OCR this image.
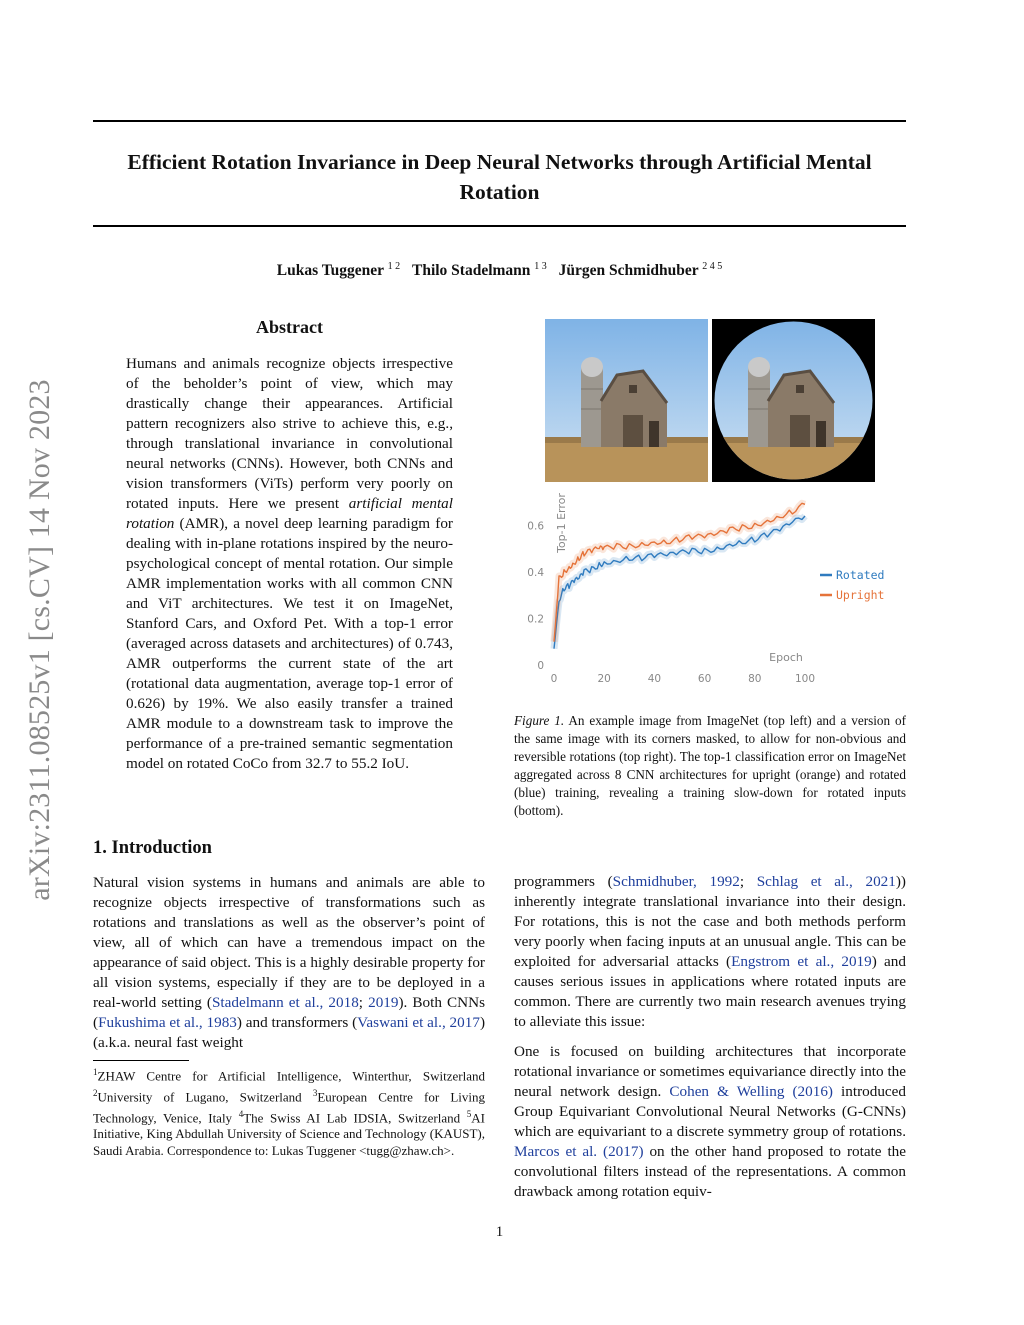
arXiv:2311.08525v1 [cs.CV] 14 Nov 2023
Efficient Rotation Invariance in Deep Neural Networks through Artificial Mental Rotation
Lukas Tuggener $^{1 2}$ Thilo Stadelmann $^{1 3}$ Jürgen Schmidhuber $^{2 4 5}$
Abstract
Humans and animals recognize objects irrespective of the beholder’s point of view, which may drastically change their appearances. Artificial pattern recognizers also strive to achieve this, e.g., through translational invariance in convolutional neural networks (CNNs). However, both CNNs and vision transformers (ViTs) perform very poorly on rotated inputs. Here we present artificial mental rotation (AMR), a novel deep learning paradigm for dealing with in-plane rotations inspired by the neuro-psychological concept of mental rotation. Our simple AMR implementation works with all common CNN and ViT architectures. We test it on ImageNet, Stanford Cars, and Oxford Pet. With a top-1 error (averaged across datasets and architectures) of 0.743, AMR outperforms the current state of the art (rotational data augmentation, average top-1 error of 0.626) by 19%. We also easily transfer a trained AMR module to a downstream task to improve the performance of a pre-trained semantic segmentation model on rotated CoCo from 32.7 to 55.2 IoU.
0
0.2
0.4
0.6
0	20	40	60	80	100
Top-1 Error
Epoch
Rotated
Upright
Figure 1. An example image from ImageNet (top left) and a version of the same image with its corners masked, to allow for non-obvious and reversible rotations (top right). The top-1 classification error on ImageNet aggregated across 8 CNN architectures for upright (orange) and rotated (blue) training, revealing a training slow-down for rotated inputs (bottom).
1. Introduction
Natural vision systems in humans and animals are able to recognize objects irrespective of transformations such as rotations and translations as well as the observer’s point of view, all of which can have a tremendous impact on the appearance of said object. This is a highly desirable property for all vision systems, especially if they are to be deployed in a real-world setting (Stadelmann et al., 2018; 2019). Both CNNs (Fukushima et al., 1983) and transformers (Vaswani et al., 2017) (a.k.a. neural fast weight
$^1$ZHAW Centre for Artificial Intelligence, Winterthur, Switzerland $^2$University of Lugano, Switzerland $^3$European Centre for Living Technology, Venice, Italy $^4$The Swiss AI Lab IDSIA, Switzerland $^5$AI Initiative, King Abdullah University of Science and Technology (KAUST), Saudi Arabia. Correspondence to: Lukas Tuggener <tugg@zhaw.ch>.
programmers (Schmidhuber, 1992; Schlag et al., 2021)) inherently integrate translational invariance into their design. For rotations, this is not the case and both methods perform very poorly when facing inputs at an unusual angle. This can be exploited for adversarial attacks (Engstrom et al., 2019) and causes serious issues in applications where rotated inputs are common. There are currently two main research avenues trying to alleviate this issue:
One is focused on building architectures that incorporate rotational invariance or sometimes equivariance directly into the neural network design. Cohen & Welling (2016) introduced Group Equivariant Convolutional Neural Networks (G-CNNs) which are equivariant to a discrete symmetry group of rotations. Marcos et al. (2017) on the other hand proposed to rotate the convolutional filters instead of the representations. A common drawback among rotation equiv-
1
